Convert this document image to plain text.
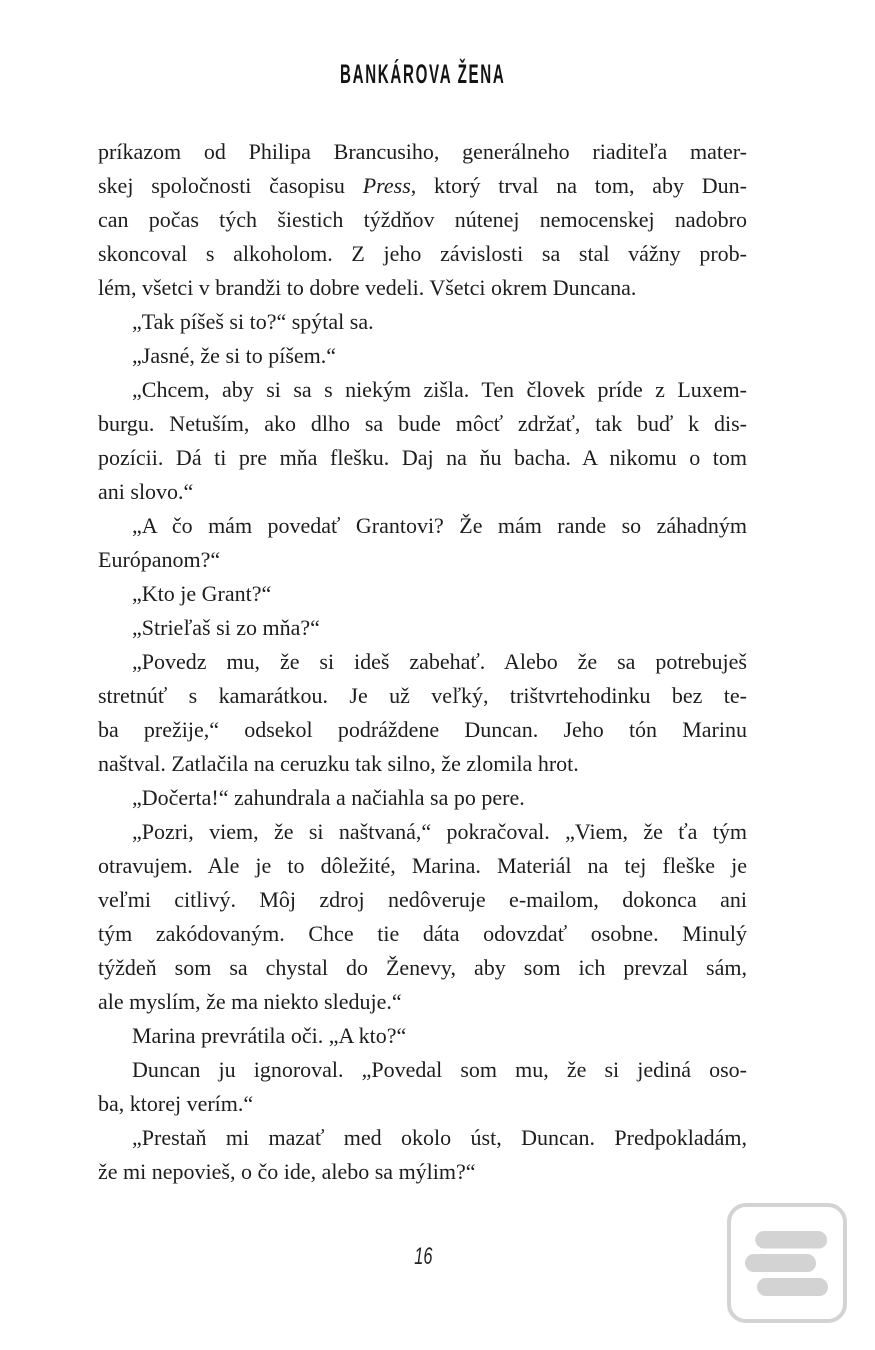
BANKÁROVA ŽENA
príkazom od Philipa Brancusiho, generálneho riaditeľa mater-
skej spoločnosti časopisu Press, ktorý trval na tom, aby Dun-
can počas tých šiestich týždňov nútenej nemocenskej nadobro
skoncoval s alkoholom. Z jeho závislosti sa stal vážny prob-
lém, všetci v brandži to dobre vedeli. Všetci okrem Duncana.
„Tak píšeš si to?“ spýtal sa.
„Jasné, že si to píšem.“
„Chcem, aby si sa s niekým zišla. Ten človek príde z Luxem-
burgu. Netuším, ako dlho sa bude môcť zdržať, tak buď k dis-
pozícii. Dá ti pre mňa flešku. Daj na ňu bacha. A nikomu o tom
ani slovo.“
„A čo mám povedať Grantovi? Že mám rande so záhadným
Európanom?“
„Kto je Grant?“
„Strieľaš si zo mňa?“
„Povedz mu, že si ideš zabehať. Alebo že sa potrebuješ
stretnúť s kamarátkou. Je už veľký, trištvrtehodinku bez te-
ba prežije,“ odsekol podráždene Duncan. Jeho tón Marinu
naštval. Zatlačila na ceruzku tak silno, že zlomila hrot.
„Dočerta!“ zahundrala a načiahla sa po pere.
„Pozri, viem, že si naštvaná,“ pokračoval. „Viem, že ťa tým
otravujem. Ale je to dôležité, Marina. Materiál na tej fleške je
veľmi citlivý. Môj zdroj nedôveruje e-mailom, dokonca ani
tým zakódovaným. Chce tie dáta odovzdať osobne. Minulý
týždeň som sa chystal do Ženevy, aby som ich prevzal sám,
ale myslím, že ma niekto sleduje.“
Marina prevrátila oči. „A kto?“
Duncan ju ignoroval. „Povedal som mu, že si jediná oso-
ba, ktorej verím.“
„Prestaň mi mazať med okolo úst, Duncan. Predpokladám,
že mi nepovieš, o čo ide, alebo sa mýlim?“
16
